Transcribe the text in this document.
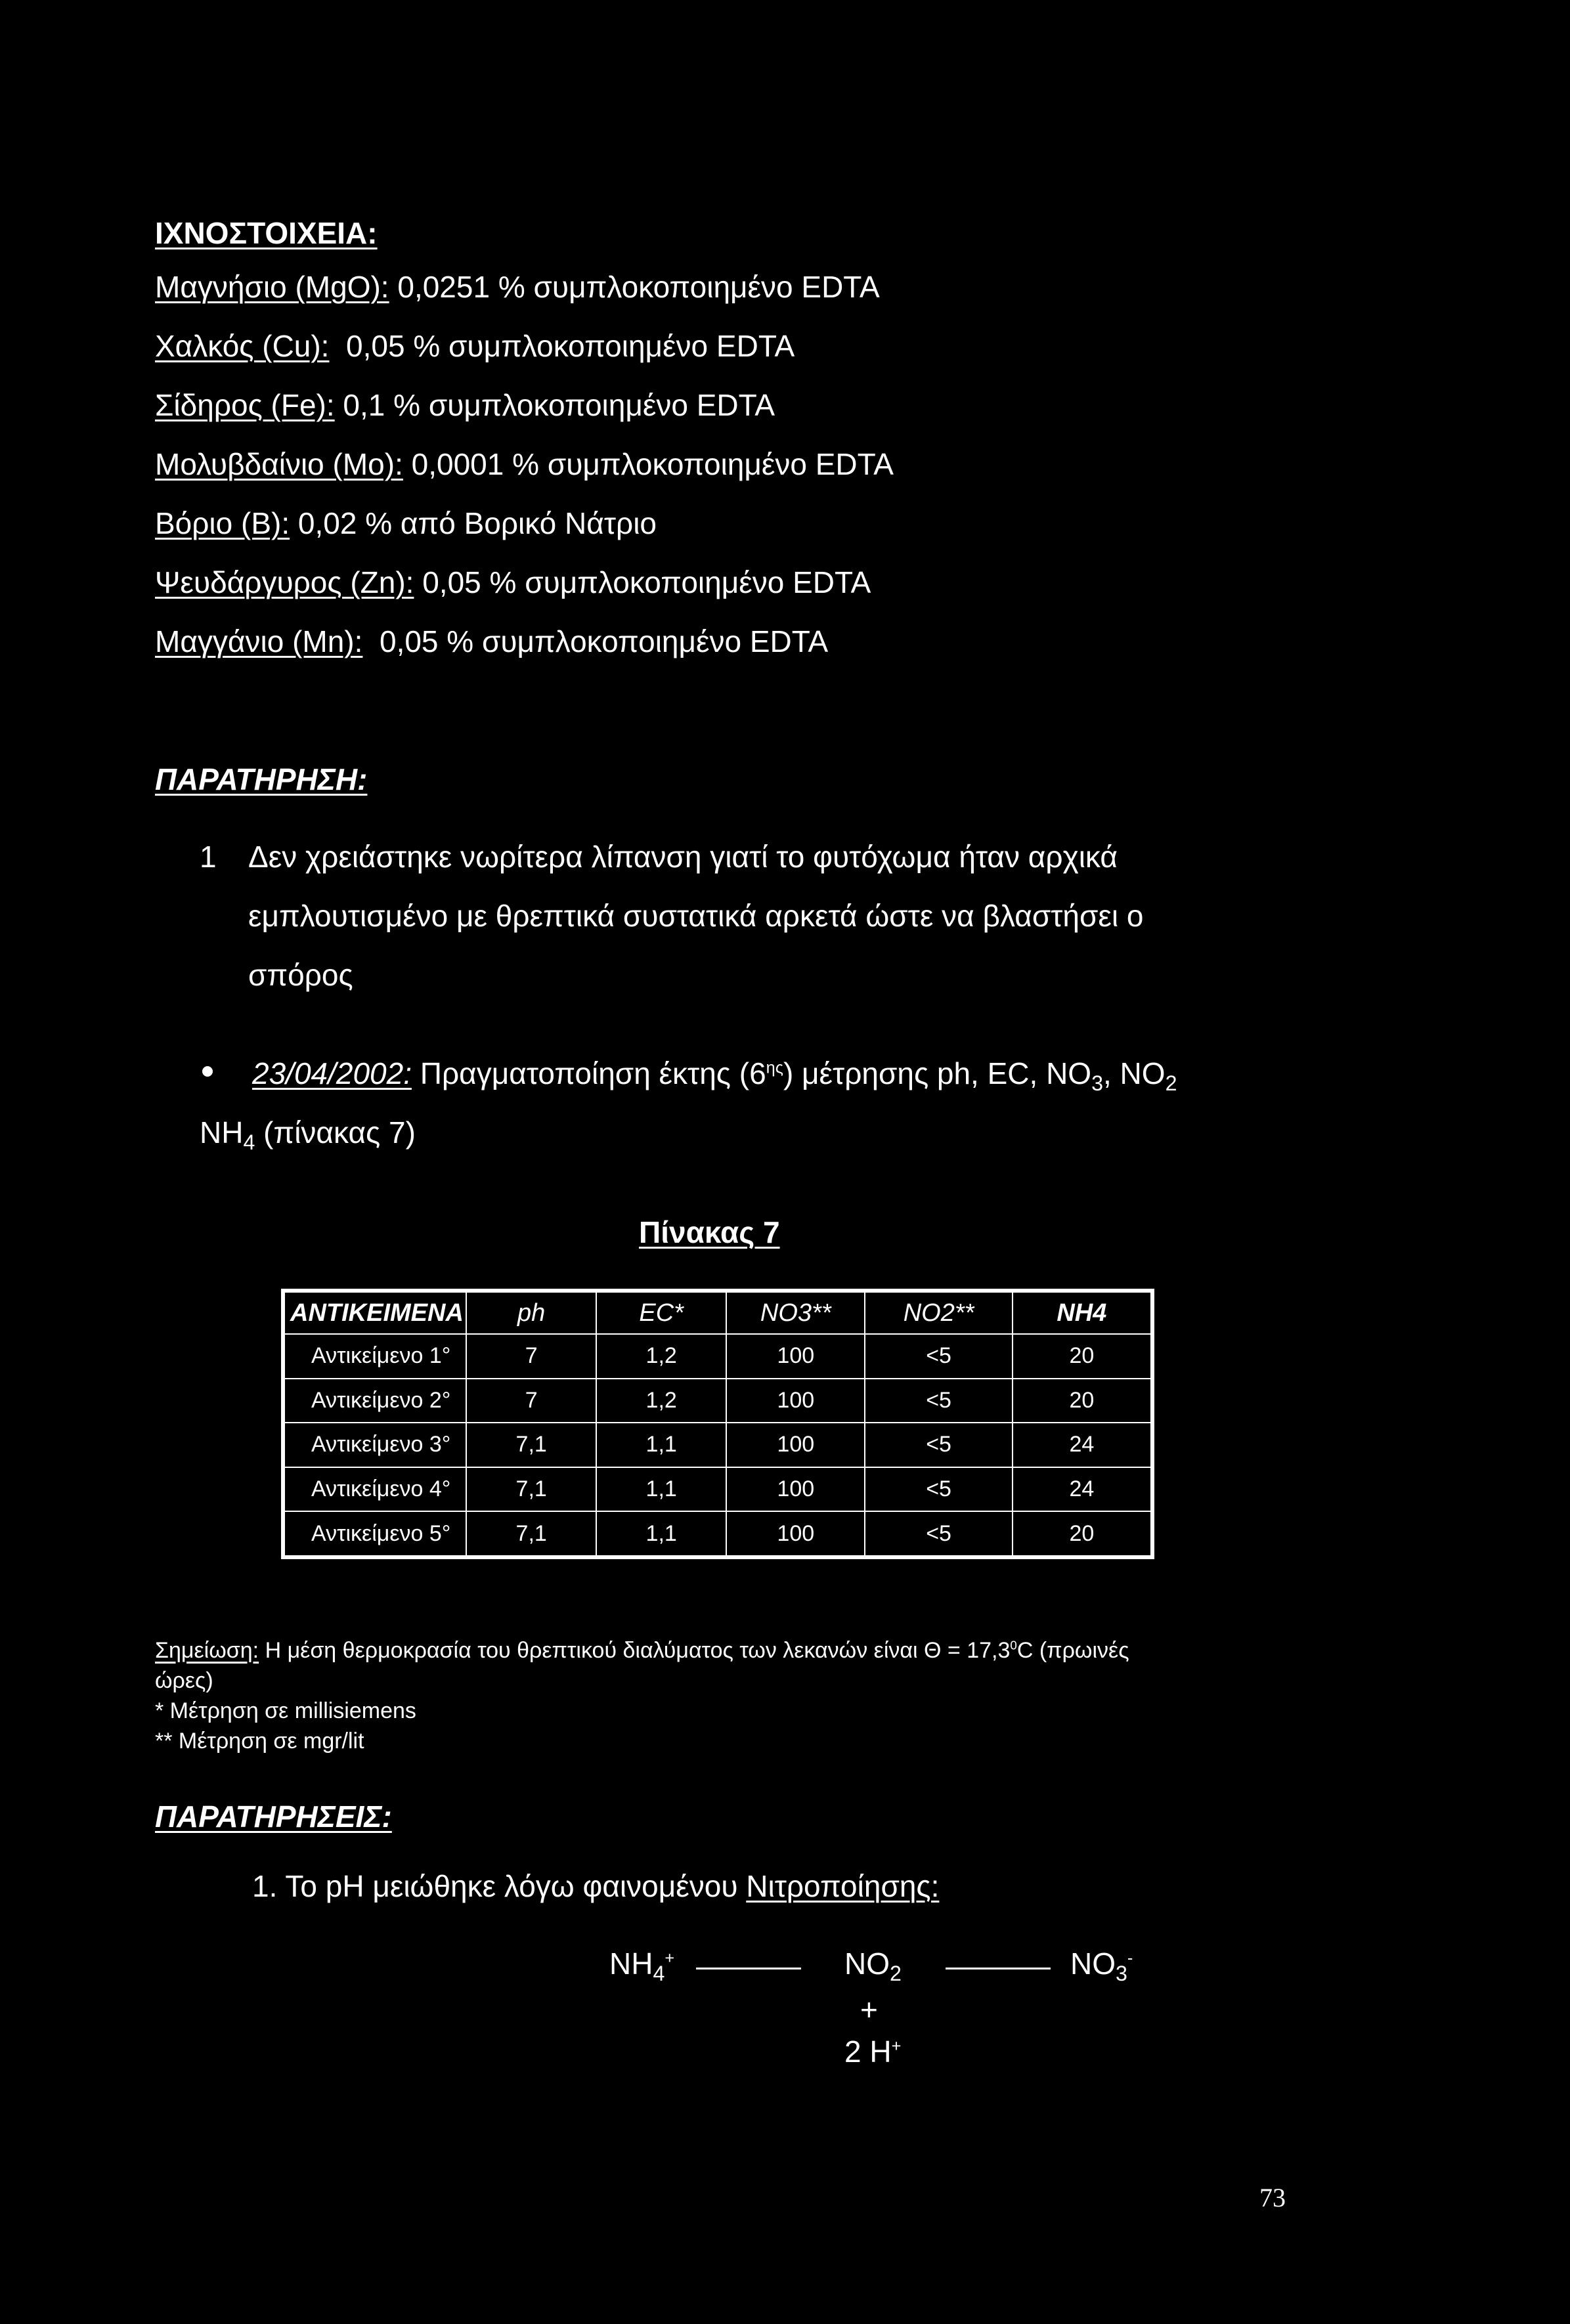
ΙΧΝΟΣΤΟΙΧΕΙΑ:
Μαγνήσιο (MgO): 0,0251 % συμπλοκοποιημένο EDTA
Χαλκός (Cu):  0,05 % συμπλοκοποιημένο EDTA
Σίδηρος (Fe): 0,1 % συμπλοκοποιημένο EDTA
Μολυβδαίνιο (Mo): 0,0001 % συμπλοκοποιημένο EDTA
Βόριο (B): 0,02 % από Βορικό Νάτριο
Ψευδάργυρος (Zn): 0,05 % συμπλοκοποιημένο EDTA
Μαγγάνιο (Mn):  0,05 % συμπλοκοποιημένο EDTA
ΠΑΡΑΤΗΡΗΣΗ:
1 Δεν χρειάστηκε νωρίτερα λίπανση γιατί το φυτόχωμα ήταν αρχικά
εμπλουτισμένο με θρεπτικά συστατικά αρκετά ώστε να βλαστήσει ο
σπόρος
23/04/2002: Πραγματοποίηση έκτης $(6^{\eta\varsigma})$ μέτρησης ph, EC, $NO_3$, $NO_2$
$NH_4$ (πίνακας 7)
Πίνακας 7
ΑΝΤΙΚΕΙΜΕΝΑ	ph	EC*	NO3**	NO2**	NH4
Αντικείμενο 1°	7	1,2	100	<5	20
Αντικείμενο 2°	7	1,2	100	<5	20
Αντικείμενο 3°	7,1	1,1	100	<5	24
Αντικείμενο 4°	7,1	1,1	100	<5	24
Αντικείμενο 5°	7,1	1,1	100	<5	20
Σημείωση: Η μέση θερμοκρασία του θρεπτικού διαλύματος των λεκανών είναι $\Theta = 17,3^0C$ (πρωινές
ώρες)
* Μέτρηση σε millisiemens
** Μέτρηση σε mgr/lit
ΠΑΡΑΤΗΡΗΣΕΙΣ:
1. Το pH μειώθηκε λόγω φαινομένου Νιτροποίησης:
$NH_4^+$	$NO_2$	$NO_3^-$
+
2 H+
73
